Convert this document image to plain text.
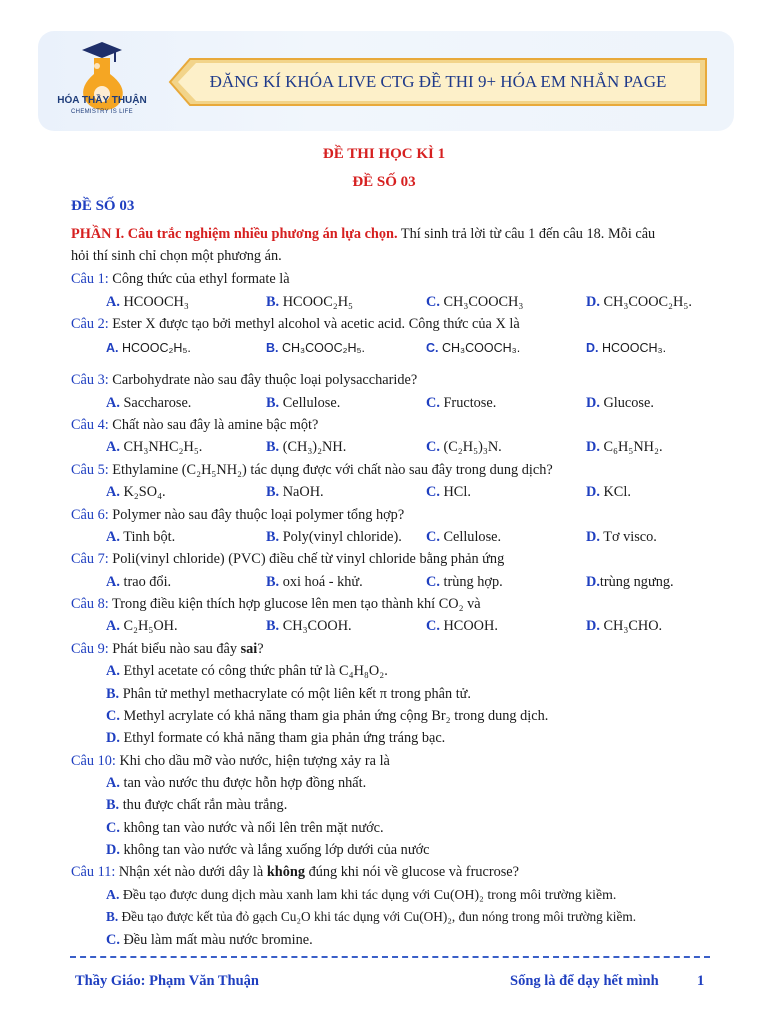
HÓA THẦY THUẬN
CHEMISTRY IS LIFE
ĐĂNG KÍ KHÓA LIVE CTG ĐỀ THI 9+ HÓA EM NHẮN PAGE
ĐỀ THI HỌC KÌ 1
ĐỀ SỐ 03
ĐỀ SỐ 03
PHẦN I. Câu trắc nghiệm nhiều phương án lựa chọn. Thí sinh trả lời từ câu 1 đến câu 18. Mỗi câu
hỏi thí sinh chỉ chọn một phương án.
Câu 1: Công thức của ethyl formate là
A. HCOOCH₃	B. HCOOC₂H₅	C. CH₃COOCH₃	D. CH₃COOC₂H₅.
Câu 2: Ester X được tạo bởi methyl alcohol và acetic acid. Công thức của X là
A. HCOOC₂H₅.	B. CH₃COOC₂H₅.	C. CH₃COOCH₃.	D. HCOOCH₃.
Câu 3: Carbohydrate nào sau đây thuộc loại polysaccharide?
A. Saccharose.	B. Cellulose.	C. Fructose.	D. Glucose.
Câu 4: Chất nào sau đây là amine bậc một?
A. CH₃NHC₂H₅.	B. (CH₃)₂NH.	C. (C₂H₅)₃N.	D. C₆H₅NH₂.
Câu 5: Ethylamine (C₂H₅NH₂) tác dụng được với chất nào sau đây trong dung dịch?
A. K₂SO₄.	B. NaOH.	C. HCl.	D. KCl.
Câu 6: Polymer nào sau đây thuộc loại polymer tổng hợp?
A. Tinh bột.	B. Poly(vinyl chloride). C. Cellulose.	D. Tơ visco.
Câu 7: Poli(vinyl chloride) (PVC) điều chế từ vinyl chloride bằng phản ứng
A. trao đổi.	B. oxi hoá - khử.	C. trùng hợp.	D.trùng ngưng.
Câu 8: Trong điều kiện thích hợp glucose lên men tạo thành khí CO₂ và
A. C₂H₅OH.	B. CH₃COOH.	C. HCOOH.	D. CH₃CHO.
Câu 9: Phát biểu nào sau đây sai?
A. Ethyl acetate có công thức phân tử là C₄H₈O₂.
B. Phân tử methyl methacrylate có một liên kết π trong phân tử.
C. Methyl acrylate có khả năng tham gia phản ứng cộng Br₂ trong dung dịch.
D. Ethyl formate có khả năng tham gia phản ứng tráng bạc.
Câu 10: Khi cho dầu mỡ vào nước, hiện tượng xảy ra là
A. tan vào nước thu được hỗn hợp đồng nhất.
B. thu được chất rắn màu trắng.
C. không tan vào nước và nổi lên trên mặt nước.
D. không tan vào nước và lắng xuống lớp dưới của nước
Câu 11: Nhận xét nào dưới dây là không đúng khi nói về glucose và frucrose?
A. Đều tạo được dung dịch màu xanh lam khi tác dụng với Cu(OH)₂ trong môi trường kiềm.
B. Đều tạo được kết tủa đỏ gạch Cu₂O khi tác dụng với Cu(OH)₂, đun nóng trong môi trường kiềm.
C. Đều làm mất màu nước bromine.
Thầy Giáo: Phạm Văn Thuận	Sống là để dạy hết mình	1
